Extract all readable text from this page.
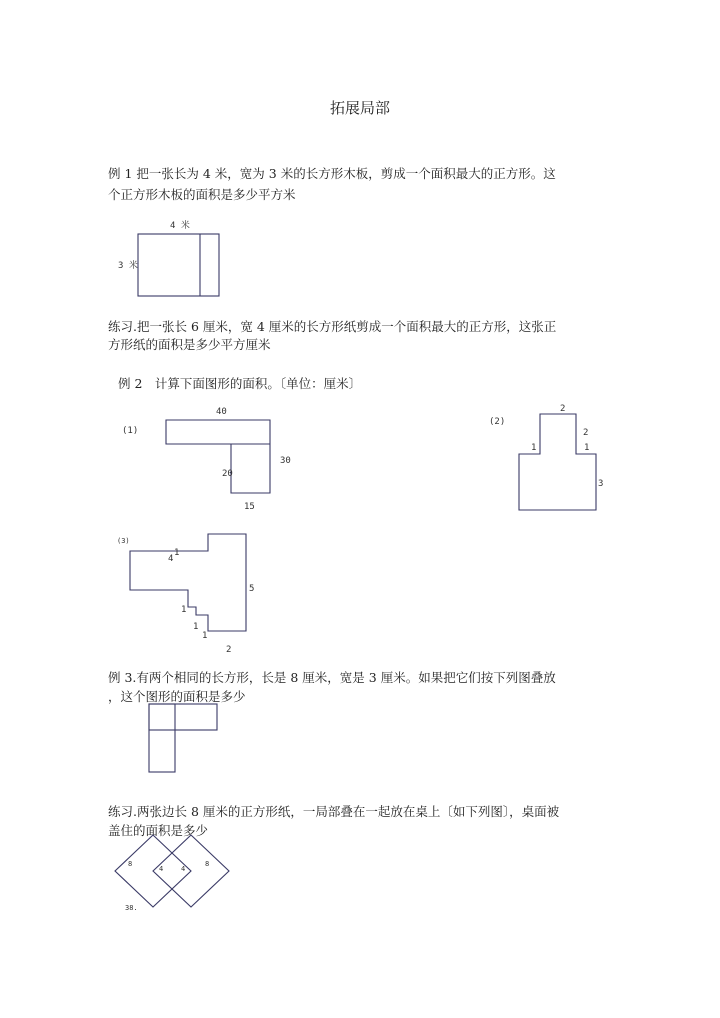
拓展局部
例 1 把一张长为 4 米，宽为 3 米的长方形木板，剪成一个面积最大的正方形。这
个正方形木板的面积是多少平方米
练习.把一张长 6 厘米，宽 4 厘米的长方形纸剪成一个面积最大的正方形，这张正
方形纸的面积是多少平方厘米
例 2　计算下面图形的面积。〔单位：厘米〕
例 3.有两个相同的长方形，长是 8 厘米，宽是 3 厘米。如果把它们按下列图叠放
，这个图形的面积是多少
练习.两张边长 8 厘米的正方形纸，一局部叠在一起放在桌上〔如下列图〕，桌面被
盖住的面积是多少
4 米
3 米
(1)
40
30
20
15
(2)
2
2
1	1
3
(3)
1
4
5
1
1
1
2
8
4	4
8
38.
